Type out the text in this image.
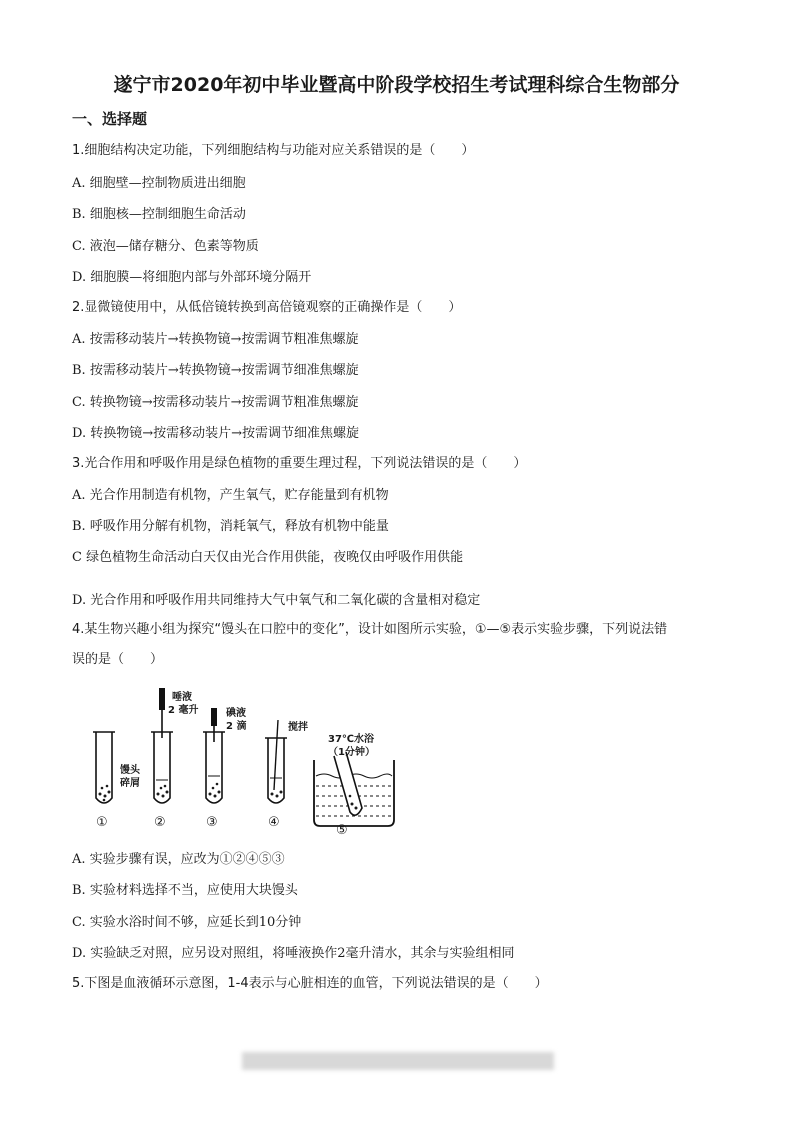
遂宁市2020年初中毕业暨高中阶段学校招生考试理科综合生物部分
一、选择题
1.细胞结构决定功能，下列细胞结构与功能对应关系错误的是（　　）
A. 细胞壁—控制物质进出细胞
B. 细胞核—控制细胞生命活动
C. 液泡—储存糖分、色素等物质
D. 细胞膜—将细胞内部与外部环境分隔开
2.显微镜使用中，从低倍镜转换到高倍镜观察的正确操作是（　　）
A. 按需移动装片→转换物镜→按需调节粗准焦螺旋
B. 按需移动装片→转换物镜→按需调节细准焦螺旋
C. 转换物镜→按需移动装片→按需调节粗准焦螺旋
D. 转换物镜→按需移动装片→按需调节细准焦螺旋
3.光合作用和呼吸作用是绿色植物的重要生理过程，下列说法错误的是（　　）
A. 光合作用制造有机物，产生氧气，贮存能量到有机物
B. 呼吸作用分解有机物，消耗氧气，释放有机物中能量
C 绿色植物生命活动白天仅由光合作用供能，夜晚仅由呼吸作用供能
D. 光合作用和呼吸作用共同维持大气中氧气和二氧化碳的含量相对稳定
4.某生物兴趣小组为探究“馒头在口腔中的变化”，设计如图所示实验，①—⑤表示实验步骤，下列说法错
误的是（　　）
馒头
碎屑
唾液
2 毫升	碘液
2 滴	搅拌
37℃水浴
（1分钟）
①	②	③	④
⑤
A. 实验步骤有误，应改为①②④⑤③
B. 实验材料选择不当，应使用大块馒头
C. 实验水浴时间不够，应延长到10分钟
D. 实验缺乏对照，应另设对照组，将唾液换作2毫升清水，其余与实验组相同
5.下图是血液循环示意图，1-4表示与心脏相连的血管，下列说法错误的是（　　）
